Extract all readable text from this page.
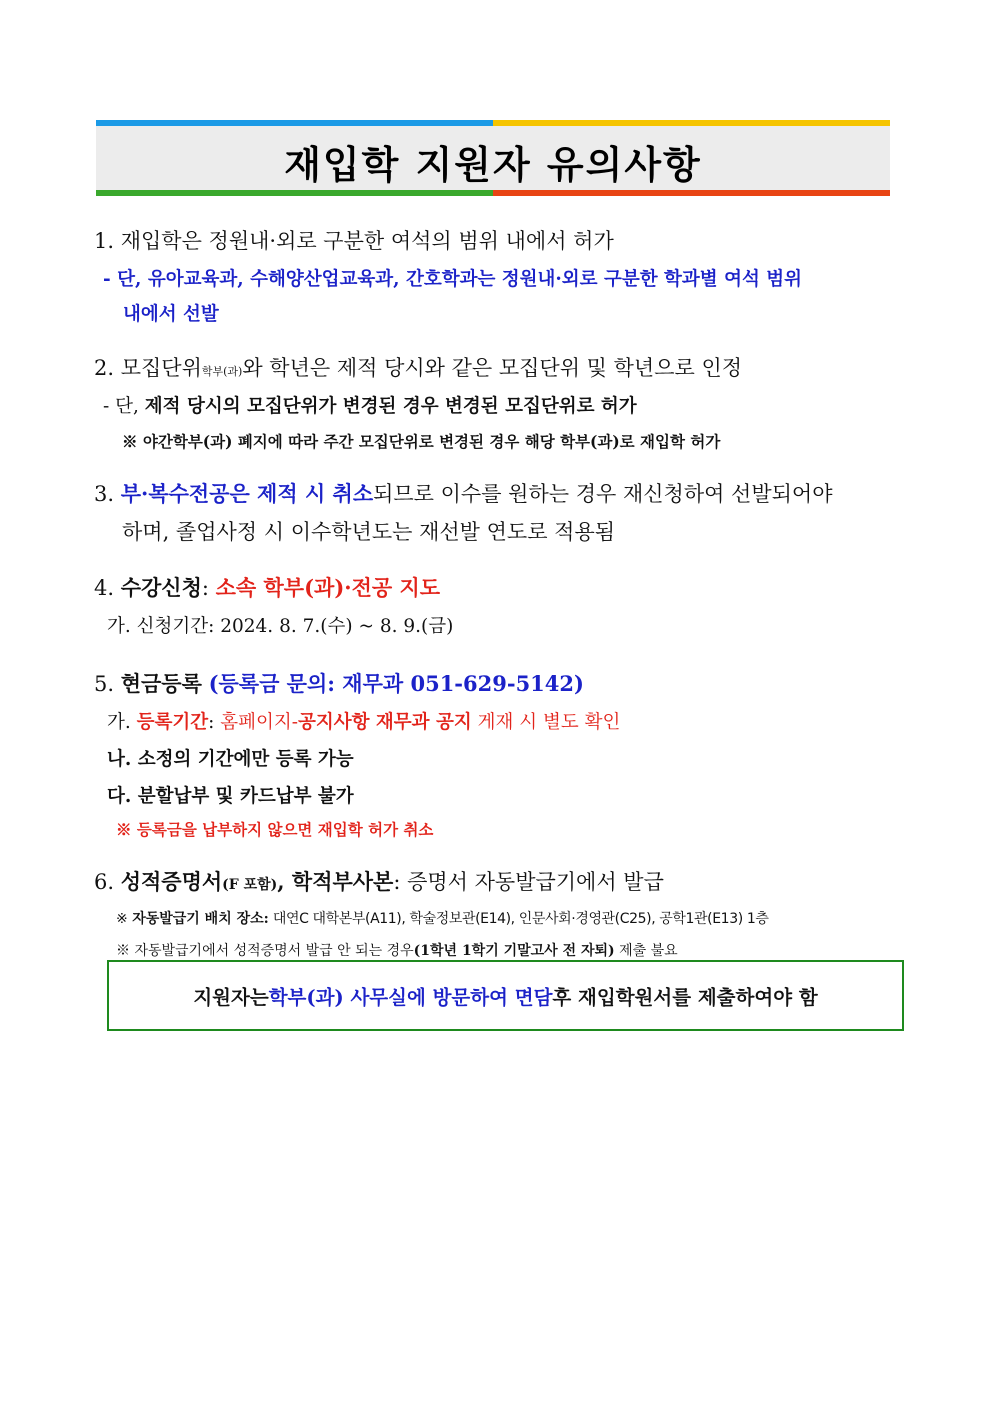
재입학 지원자 유의사항
1. 재입학은 정원내·외로 구분한 여석의 범위 내에서 허가
- 단, 유아교육과, 수해양산업교육과, 간호학과는 정원내·외로 구분한 학과별 여석 범위
내에서 선발
2. 모집단위학부(과)와 학년은 제적 당시와 같은 모집단위 및 학년으로 인정
- 단, 제적 당시의 모집단위가 변경된 경우 변경된 모집단위로 허가
※ 야간학부(과) 폐지에 따라 주간 모집단위로 변경된 경우 해당 학부(과)로 재입학 허가
3. 부·복수전공은 제적 시 취소되므로 이수를 원하는 경우 재신청하여 선발되어야
하며, 졸업사정 시 이수학년도는 재선발 연도로 적용됨
4. 수강신청: 소속 학부(과)·전공 지도
가. 신청기간: 2024. 8. 7.(수) ~ 8. 9.(금)
5. 현금등록 (등록금 문의: 재무과 051-629-5142)
가. 등록기간: 홈페이지-공지사항 재무과 공지 게재 시 별도 확인
나. 소정의 기간에만 등록 가능
다. 분할납부 및 카드납부 불가
※ 등록금을 납부하지 않으면 재입학 허가 취소
6. 성적증명서(F 포함), 학적부사본: 증명서 자동발급기에서 발급
※ 자동발급기 배치 장소: 대연C 대학본부(A11), 학술정보관(E14), 인문사회·경영관(C25), 공학1관(E13) 1층
※ 자동발급기에서 성적증명서 발급 안 되는 경우(1학년 1학기 기말고사 전 자퇴) 제출 불요
지원자는 학부(과) 사무실에 방문하여 면담 후 재입학원서를 제출하여야 함
